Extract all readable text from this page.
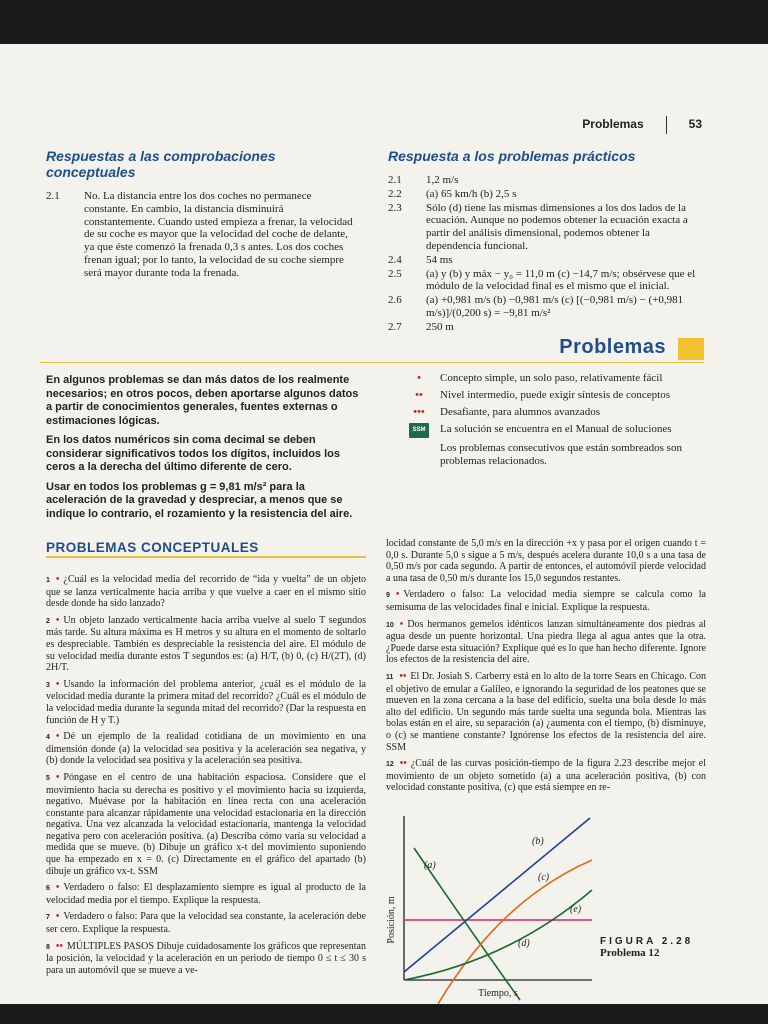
Problemas	53
Respuestas a las comprobaciones conceptuales
2.1	No. La distancia entre los dos coches no permanece constante. En cambio, la distancia disminuirá constantemente. Cuando usted empieza a frenar, la velocidad de su coche es mayor que la velocidad del coche de delante, ya que éste comenzó la frenada 0,3 s antes. Los dos coches frenan igual; por lo tanto, la velocidad de su coche siempre será mayor durante toda la frenada.
Respuesta a los problemas prácticos
2.1	1,2 m/s
2.2	(a) 65 km/h (b) 2,5 s
2.3	Sólo (d) tiene las mismas dimensiones a los dos lados de la ecuación. Aunque no podemos obtener la ecuación exacta a partir del análisis dimensional, podemos obtener la dependencia funcional.
2.4	54 ms
2.5	(a) y (b) y máx − y₀ = 11,0 m (c) −14,7 m/s; obsérvese que el módulo de la velocidad final es el mismo que el inicial.
2.6	(a) +0,981 m/s (b) −0,981 m/s (c) [(−0,981 m/s) − (+0,981 m/s)]/(0,200 s) = −9,81 m/s²
2.7	250 m
Problemas

En algunos problemas se dan más datos de los realmente necesarios; en otros pocos, deben aportarse algunos datos a partir de conocimientos generales, fuentes externas o estimaciones lógicas.

En los datos numéricos sin coma decimal se deben considerar significativos todos los dígitos, incluidos los ceros a la derecha del último diferente de cero.

Usar en todos los problemas g = 9,81 m/s² para la aceleración de la gravedad y despreciar, a menos que se indique lo contrario, el rozamiento y la resistencia del aire.

•	Concepto simple, un solo paso, relativamente fácil
••	Nivel intermedio, puede exigir síntesis de conceptos
•••	Desafiante, para alumnos avanzados
SSM	La solución se encuentra en el Manual de soluciones
Los problemas consecutivos que están sombreados son problemas relacionados.
PROBLEMAS CONCEPTUALES
1 • ¿Cuál es la velocidad media del recorrido de “ida y vuelta” de un objeto que se lanza verticalmente hacia arriba y que vuelve a caer en el mismo sitio desde donde ha sido lanzado?
2 • Un objeto lanzado verticalmente hacia arriba vuelve al suelo T segundos más tarde. Su altura máxima es H metros y su altura en el momento de soltarlo es despreciable. También es despreciable la resistencia del aire. El módulo de su velocidad media durante estos T segundos es: (a) H/T, (b) 0, (c) H/(2T), (d) 2H/T.
3 • Usando la información del problema anterior, ¿cuál es el módulo de la velocidad media durante la primera mitad del recorrido? ¿Cuál es el módulo de la velocidad media durante la segunda mitad del recorrido? (Dar la respuesta en función de H y T.)
4 • Dé un ejemplo de la realidad cotidiana de un movimiento en una dimensión donde (a) la velocidad sea positiva y la aceleración sea negativa, y (b) donde la velocidad sea positiva y la aceleración sea positiva.
5 • Póngase en el centro de una habitación espaciosa. Considere que el movimiento hacia su derecha es positivo y el movimiento hacia su izquierda, negativo. Muévase por la habitación en línea recta con una aceleración constante para alcanzar rápidamente una velocidad estacionaria en la dirección negativa. Una vez alcanzada la velocidad estacionaria, mantenga la velocidad negativa pero con aceleración positiva. (a) Describa cómo varía su velocidad a medida que se mueve. (b) Dibuje un gráfico x-t del movimiento suponiendo que ha empezado en x = 0. (c) Directamente en el gráfico del apartado (b) dibuje un gráfico vx-t. SSM
6 • Verdadero o falso: El desplazamiento siempre es igual al producto de la velocidad media por el tiempo. Explique la respuesta.
7 • Verdadero o falso: Para que la velocidad sea constante, la aceleración debe ser cero. Explique la respuesta.
8 •• MÚLTIPLES PASOS Dibuje cuidadosamente los gráficos que representan la posición, la velocidad y la aceleración en un periodo de tiempo 0 ≤ t ≤ 30 s para un automóvil que se mueve a ve-
locidad constante de 5,0 m/s en la dirección +x y pasa por el origen cuando t = 0,0 s. Durante 5,0 s sigue a 5 m/s, después acelera durante 10,0 s a una tasa de 0,50 m/s por cada segundo. A partir de entonces, el automóvil pierde velocidad a una tasa de 0,50 m/s durante los 15,0 segundos restantes.
9 • Verdadero o falso: La velocidad media siempre se calcula como la semisuma de las velocidades final e inicial. Explique la respuesta.
10 • Dos hermanos gemelos idénticos lanzan simultáneamente dos piedras al agua desde un puente horizontal. Una piedra llega al agua antes que la otra. ¿Puede darse esta situación? Explique qué es lo que han hecho diferente. Ignore los efectos de la resistencia del aire.
11 •• El Dr. Josiah S. Carberry está en lo alto de la torre Sears en Chicago. Con el objetivo de emular a Galileo, e ignorando la seguridad de los peatones que se mueven en la zona cercana a la base del edificio, suelta una bola desde lo más alto del edificio. Un segundo más tarde suelta una segunda bola. Mientras las bolas están en el aire, su separación (a) ¿aumenta con el tiempo, (b) disminuye, o (c) se mantiene constante? Ignórense los efectos de la resistencia del aire. SSM
12 •• ¿Cuál de las curvas posición-tiempo de la figura 2.23 describe mejor el movimiento de un objeto sometido (a) a una aceleración positiva, (b) con velocidad constante positiva, (c) que está siempre en re-
Posición, m
(a)
(b)
(c)
(d)
(e)
Tiempo, s
FIGURA 2.28
Problema 12
